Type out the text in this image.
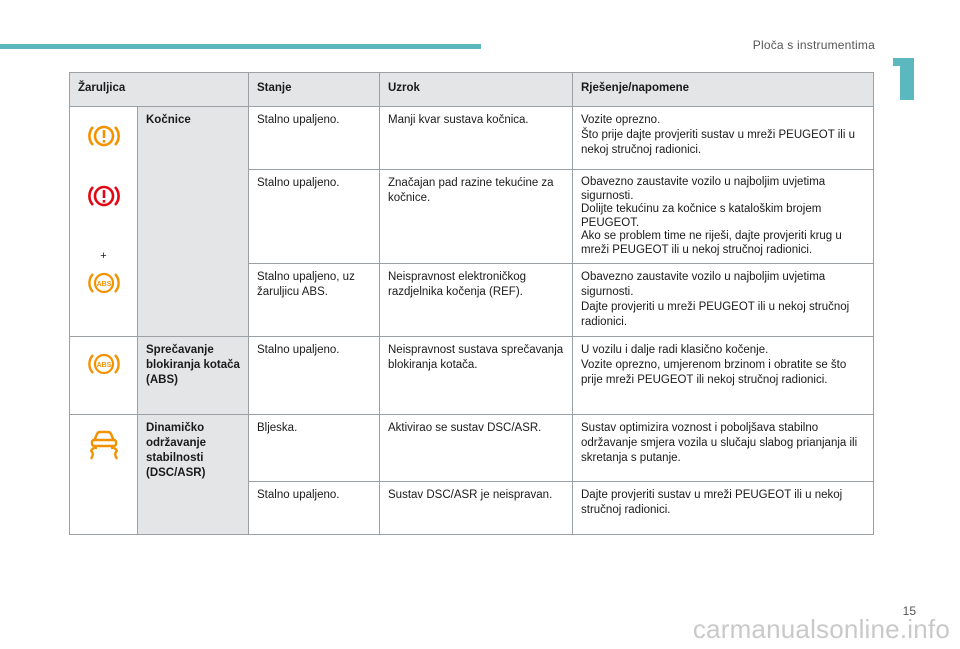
Ploča s instrumentima
Žaruljica		Stanje	Uzrok	Rješenje/napomene

+
ABS	Kočnice	Stalno upaljeno.	Manji kvar sustava kočnica.	Vozite oprezno.
Što prije dajte provjeriti sustav u mreži PEUGEOT ili u nekoj stručnoj radionici.

		Stalno upaljeno.	Značajan pad razine tekućine za kočnice.	Obavezno zaustavite vozilo u najboljim uvjetima sigurnosti.
Dolijte tekućinu za kočnice s kataloškim brojem PEUGEOT.
Ako se problem time ne riješi, dajte provjeriti krug u mreži PEUGEOT ili u nekoj stručnoj radionici.

		Stalno upaljeno, uz žaruljicu ABS.	Neispravnost elektroničkog razdjelnika kočenja (REF).	Obavezno zaustavite vozilo u najboljim uvjetima sigurnosti.
Dajte provjeriti u mreži PEUGEOT ili u nekoj stručnoj radionici.

ABS	Sprečavanje blokiranja kotača (ABS)	Stalno upaljeno.	Neispravnost sustava sprečavanja blokiranja kotača.	U vozilu i dalje radi klasično kočenje.
Vozite oprezno, umjerenom brzinom i obratite se što prije mreži PEUGEOT ili nekoj stručnoj radionici.

	Dinamičko održavanje stabilnosti (DSC/ASR)	Bljeska.	Aktivirao se sustav DSC/ASR.	Sustav optimizira voznost i poboljšava stabilno održavanje smjera vozila u slučaju slabog prianjanja ili skretanja s putanje.

		Stalno upaljeno.	Sustav DSC/ASR je neispravan.	Dajte provjeriti sustav u mreži PEUGEOT ili u nekoj stručnoj radionici.
15
carmanualsonline.info
